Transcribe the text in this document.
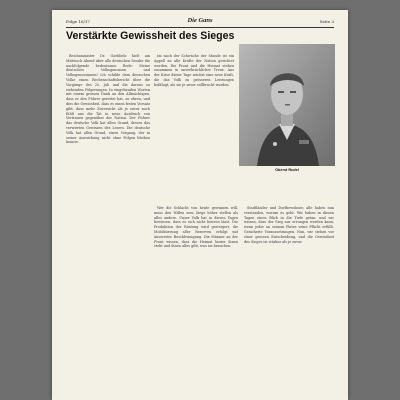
Folge 16/17	Die Gans	Seite 3
Verstärkte Gewissheit des Sieges

Reichsminister Dr. Goebbels hielt am Mittwoch Abend über alle deutschen Sender die nachfolgende bedeutsame Rede: Meine deutschen Volksgenossen und Volksgenossinnen! Ich schilde dem deutschen Volke einen Rechenschaftsbericht über die Vorgänge des 20. Juli und die daraus zu ziehenden Folgerungen. In eingehenden Worten mit einem grossen Dank an den Allmächtigen, dass er den Führer gerettet hat, zu ehren, und dies die Gewissheit, dass es einen festen Vorsatz gibt, dass mehr Zuversicht als je zuvor noch fühlt uns die Tat in neue Ausdruck von Vertrauen gegenüber der Nation. Der Führer das deutsche Volk hat allen Grund, diesen das verwirrten Gewissen des Lesers. Die deutsche Volk hat allen Grund, einen Vorgang, der in seiner Auswirkung nicht ohne Folgen bleiben konnte.

Im nach der Schwäche der Stunde ist ein Appell an alle Kräfte der Nation gerichtet worden. Die Front und die Heimat stehen zusammen in unverbrüchlicher Treue. Aus der Krise dieser Tage wächst eine neue Kraft, die das Volk zu grösseren Leistungen befähigt, als sie je zuvor vollbracht wurden.

Oberst Rudel

Wer die Schlacht von heute gewinnen will, muss den Willen zum Siege höher stellen als alles andere. Unser Volk hat in diesen Tagen bewiesen, dass es sich nicht beirren lässt. Die Produktion der Rüstung wird gesteigert, die Mobilisierung aller Reserven erfolgt mit äusserster Beschleunigung. Die Männer an der Front wissen, dass die Heimat hinter ihnen steht und ihnen alles gibt, was sie brauchen.

Stadtländer und Dorfbewohner, alle haben nun verstanden, worum es geht. Wir haben in diesen Tagen einen Blick in die Tiefe getan, und wir wissen, dass der Sieg nur errungen werden kann, wenn jeder an seinem Platze seine Pflicht erfüllt. Gesicherte Voraussetzungen. Nun, wir stehen vor einer grossen Entscheidung, und die Gewissheit des Sieges ist stärker als je zuvor.
